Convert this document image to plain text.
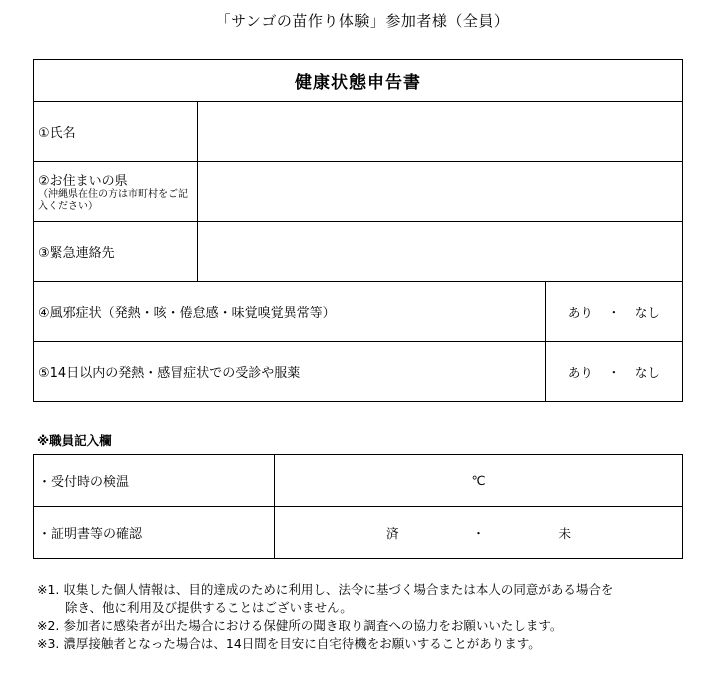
「サンゴの苗作り体験」参加者様（全員）
健康状態申告書		
①氏名		
②お住まいの県
（沖縄県在住の方は市町村をご記入ください）		

③緊急連絡先		
④風邪症状（発熱・咳・倦怠感・味覚嗅覚異常等）		あり ・ なし
⑤14日以内の発熱・感冒症状での受診や服薬		あり ・ なし
※職員記入欄
・受付時の検温	℃
・証明書等の確認	済 ・ 未
※1. 収集した個人情報は、目的達成のために利用し、法令に基づく場合または本人の同意がある場合を
除き、他に利用及び提供することはございません。
※2. 参加者に感染者が出た場合における保健所の聞き取り調査への協力をお願いいたします。
※3. 濃厚接触者となった場合は、14日間を目安に自宅待機をお願いすることがあります。
